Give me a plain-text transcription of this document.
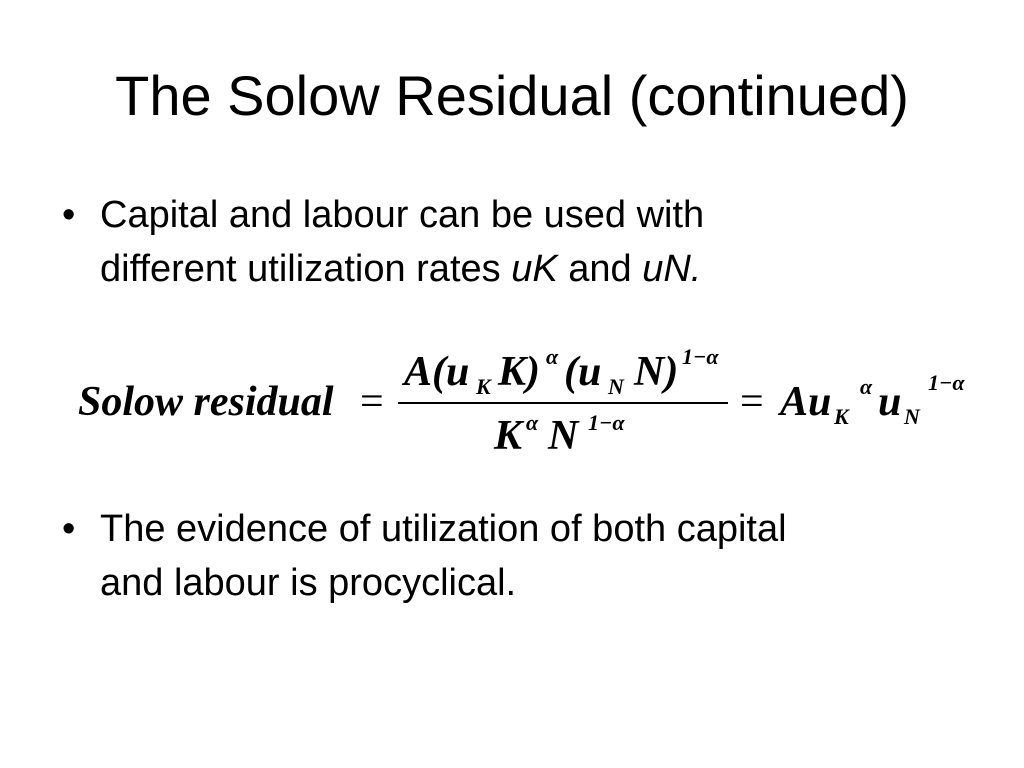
The Solow Residual (continued)
• Capital and labour can be used with
different utilization rates uK and uN.
Solow residual =
A(u K K) α (u N N) 1−α
K α N 1−α	= Au K
α u N
1−α
• The evidence of utilization of both capital
and labour is procyclical.
